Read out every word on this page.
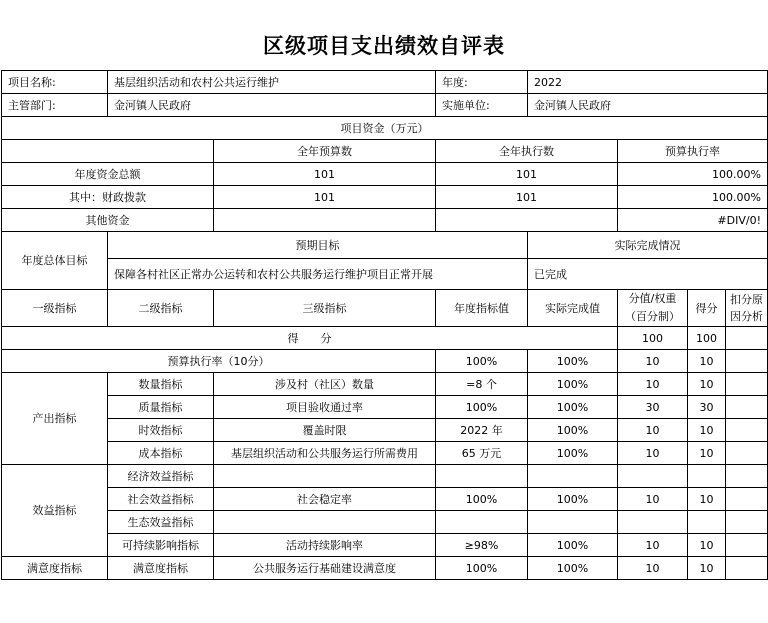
区级项目支出绩效自评表
项目名称:	基层组织活动和农村公共运行维护		年度:	2022			
主管部门:	金河镇人民政府		实施单位:	金河镇人民政府			
项目资金（万元）							
		全年预算数	全年执行数		预算执行率		
年度资金总额		101	101		100.00%		
其中：财政拨款		101	101		100.00%		
其他资金					#DIV/0!		
年度总体目标	预期目标			实际完成情况			
	保障各村社区正常办公运转和农村公共服务运行维护项目正常开展			已完成			
一级指标	二级指标	三级指标	年度指标值	实际完成值	分值/权重（百分制）	得分	扣分原因分析
得　　分					100	100	
预算执行率（10分）			100%	100%	10	10	
产出指标	数量指标	涉及村（社区）数量	=8 个	100%	10	10	
	质量指标	项目验收通过率	100%	100%	30	30	
	时效指标	覆盖时限	2022 年	100%	10	10	
	成本指标	基层组织活动和公共服务运行所需费用	65 万元	100%	10	10	
效益指标	经济效益指标						
	社会效益指标	社会稳定率	100%	100%	10	10	
	生态效益指标						
	可持续影响指标	活动持续影响率	≥98%	100%	10	10	
满意度指标	满意度指标	公共服务运行基础建设满意度	100%	100%	10	10	
